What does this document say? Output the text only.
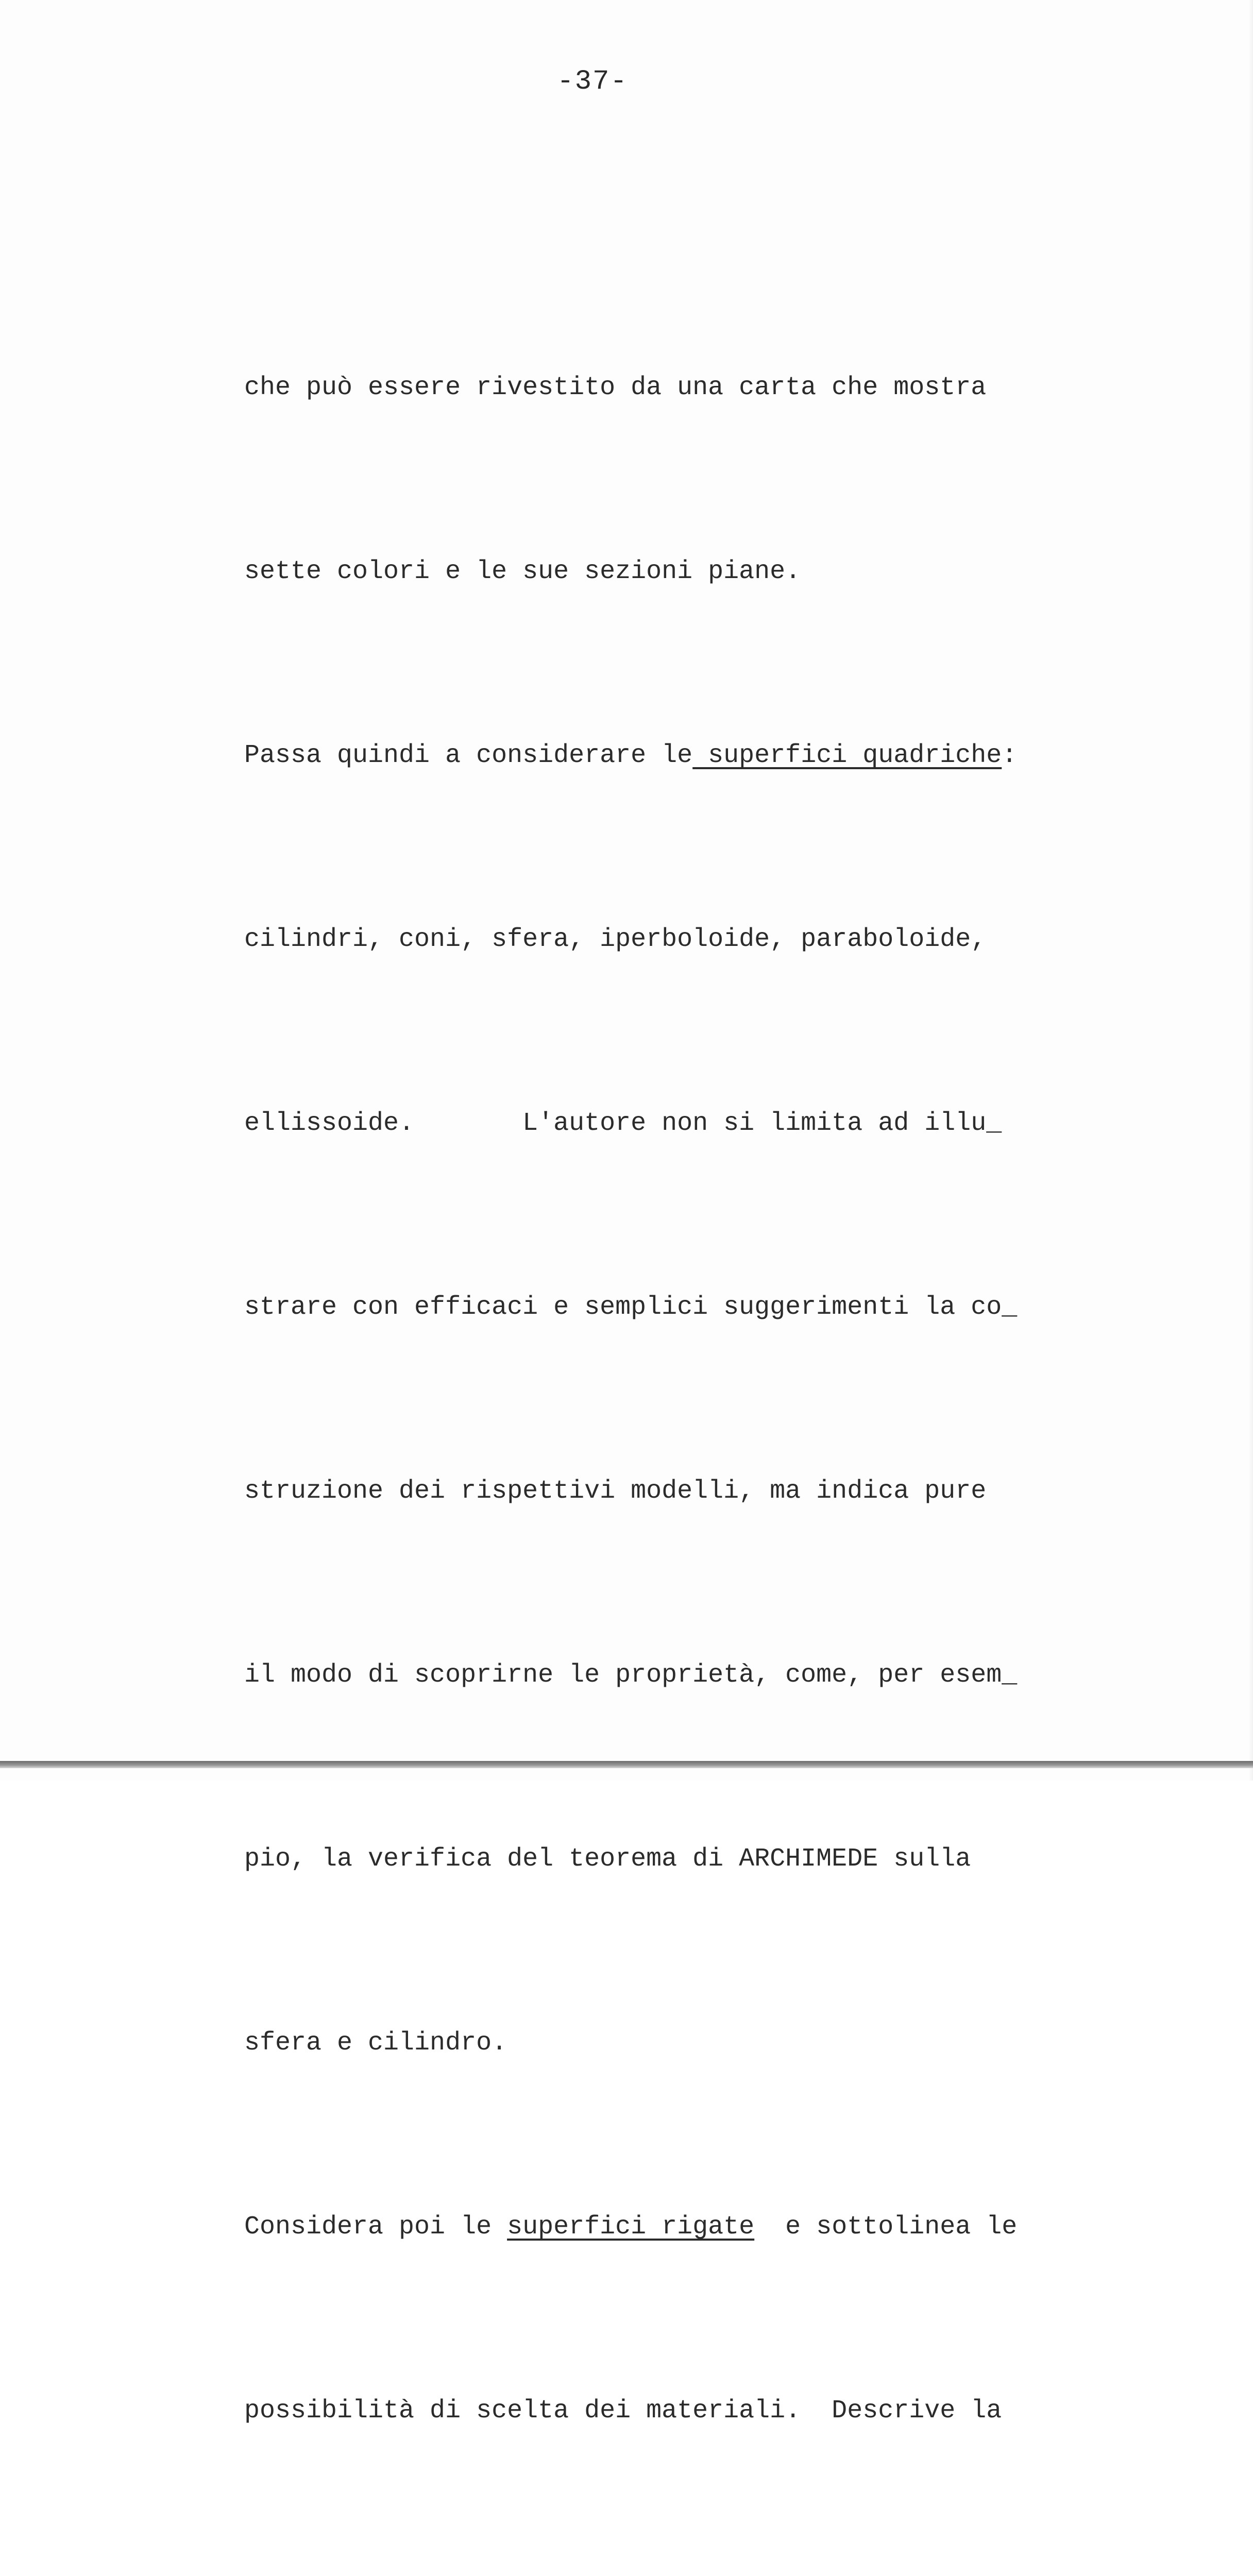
-37-

che può essere rivestito da una carta che mostra

sette colori e le sue sezioni piane.

Passa quindi a considerare le superfici quadriche:

cilindri, coni, sfera, iperboloide, paraboloide,

ellissoide.       L'autore non si limita ad illu_

strare con efficaci e semplici suggerimenti la co_

struzione dei rispettivi modelli, ma indica pure

il modo di scoprirne le proprietà, come, per esem_

pio, la verifica del teorema di ARCHIMEDE sulla

sfera e cilindro.

Considera poi le superfici rigate  e sottolinea le

possibilità di scelta dei materiali.  Descrive la
